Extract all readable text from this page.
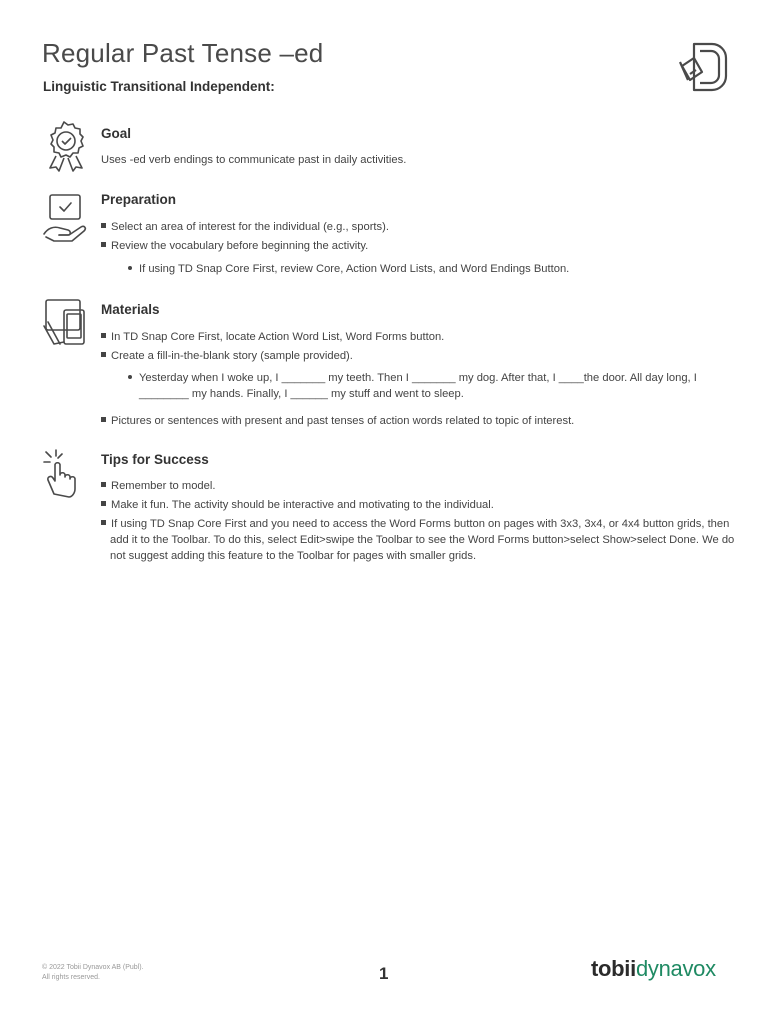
Regular Past Tense –ed
Linguistic Transitional Independent:
Goal
Uses -ed verb endings to communicate past in daily activities.
Preparation
Select an area of interest for the individual (e.g., sports).
Review the vocabulary before beginning the activity.
If using TD Snap Core First, review Core, Action Word Lists, and Word Endings Button.
Materials
In TD Snap Core First, locate Action Word List, Word Forms button.
Create a fill-in-the-blank story (sample provided).
Yesterday when I woke up, I _______ my teeth. Then I _______ my dog. After that, I ____the door. All day long, I ________ my hands. Finally, I ______ my stuff and went to sleep.
Pictures or sentences with present and past tenses of action words related to topic of interest.
Tips for Success
Remember to model.
Make it fun. The activity should be interactive and motivating to the individual.
If using TD Snap Core First and you need to access the Word Forms button on pages with 3x3, 3x4, or 4x4 button grids, then add it to the Toolbar. To do this, select Edit>swipe the Toolbar to see the Word Forms button>select Show>select Done. We do not suggest adding this feature to the Toolbar for pages with smaller grids.
© 2022 Tobii Dynavox AB (Publ).
All rights reserved.	1	tobiidynavox
